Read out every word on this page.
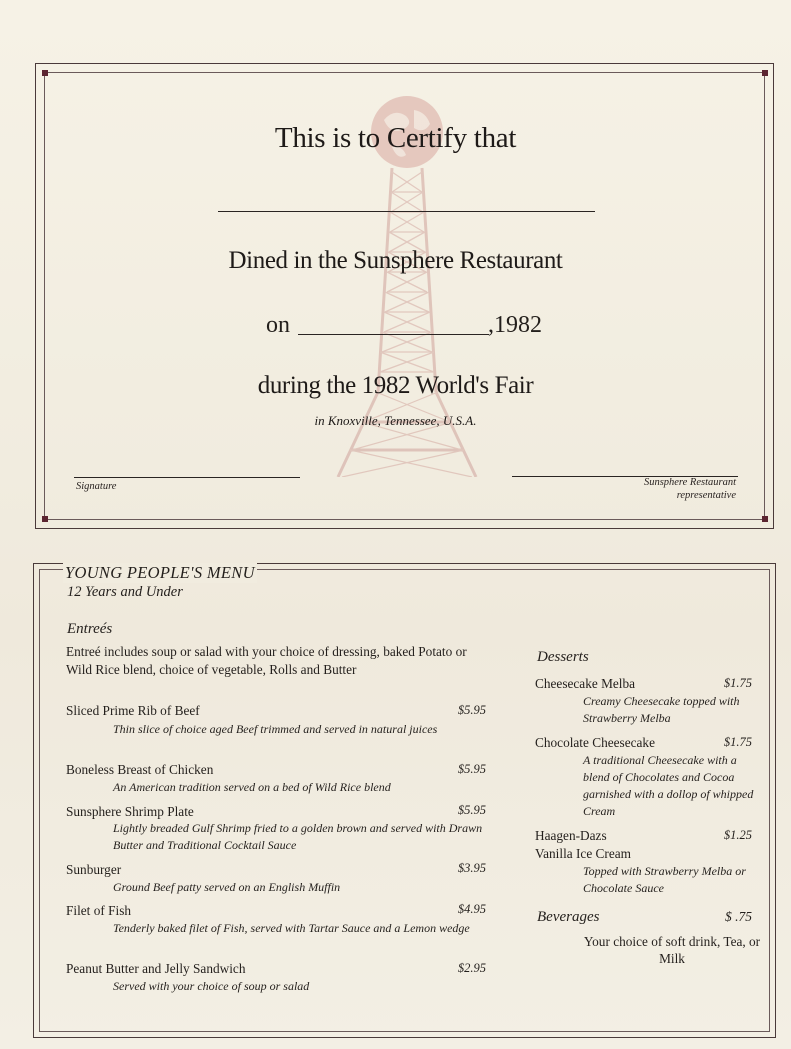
This is to Certify that
Dined in the Sunsphere Restaurant
on	,1982
during the 1982 World's Fair
in Knoxville, Tennessee, U.S.A.
Signature	Sunsphere Restaurant
representative
YOUNG PEOPLE'S MENU
12 Years and Under
Entreés
Entreé includes soup or salad with your choice of dressing, baked Potato or Wild Rice blend, choice of vegetable, Rolls and Butter
Sliced Prime Rib of Beef	$5.95
Thin slice of choice aged Beef trimmed and served in natural juices
Boneless Breast of Chicken	$5.95
An American tradition served on a bed of Wild Rice blend
Sunsphere Shrimp Plate	$5.95
Lightly breaded Gulf Shrimp fried to a golden brown and served with Drawn Butter and Traditional Cocktail Sauce
Sunburger	$3.95
Ground Beef patty served on an English Muffin
Filet of Fish	$4.95
Tenderly baked filet of Fish, served with Tartar Sauce and a Lemon wedge
Peanut Butter and Jelly Sandwich	$2.95
Served with your choice of soup or salad
Desserts
Cheesecake Melba	$1.75
Creamy Cheesecake topped with Strawberry Melba
Chocolate Cheesecake	$1.75
A traditional Cheesecake with a blend of Chocolates and Cocoa garnished with a dollop of whipped Cream
Haagen-Dazs	$1.25
Vanilla Ice Cream
Topped with Strawberry Melba or Chocolate Sauce
Beverages	$ .75
Your choice of soft drink, Tea, or Milk
